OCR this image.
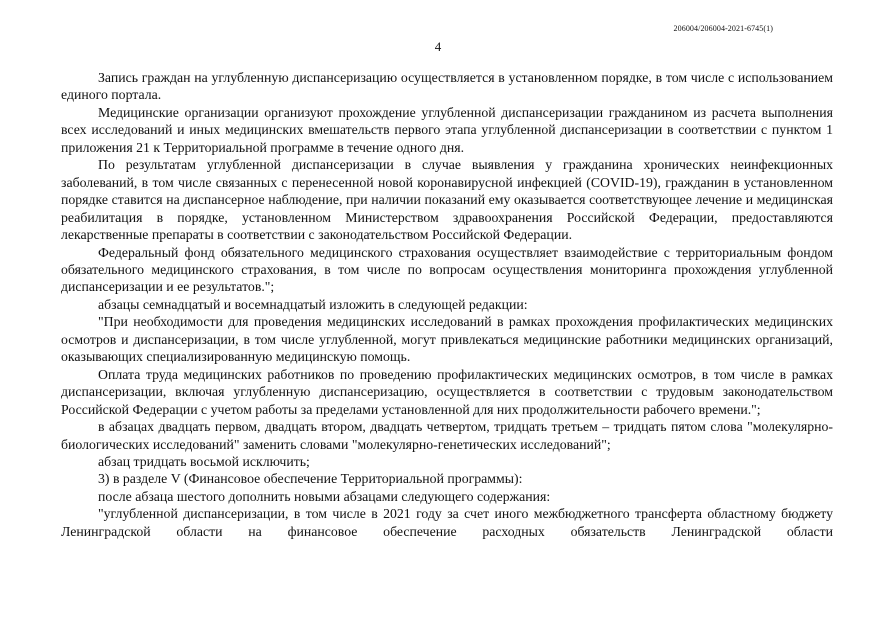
206004/206004-2021-6745(1)
4

Запись граждан на углубленную диспансеризацию осуществляется в установленном порядке, в том числе с использованием единого портала.

Медицинские организации организуют прохождение углубленной диспансеризации гражданином из расчета выполнения всех исследований и иных медицинских вмешательств первого этапа углубленной диспансеризации в соответствии с пунктом 1 приложения 21 к Территориальной программе в течение одного дня.

По результатам углубленной диспансеризации в случае выявления у гражданина хронических неинфекционных заболеваний, в том числе связанных с перенесенной новой коронавирусной инфекцией (COVID-19), гражданин в установленном порядке ставится на диспансерное наблюдение, при наличии показаний ему оказывается соответствующее лечение и медицинская реабилитация в порядке, установленном Министерством здравоохранения Российской Федерации, предоставляются лекарственные препараты в соответствии с законодательством Российской Федерации.

Федеральный фонд обязательного медицинского страхования осуществляет взаимодействие с территориальным фондом обязательного медицинского страхования, в том числе по вопросам осуществления мониторинга прохождения углубленной диспансеризации и ее результатов.";

абзацы семнадцатый и восемнадцатый изложить в следующей редакции:

"При необходимости для проведения медицинских исследований в рамках прохождения профилактических медицинских осмотров и диспансеризации, в том числе углубленной, могут привлекаться медицинские работники медицинских организаций, оказывающих специализированную медицинскую помощь.

Оплата труда медицинских работников по проведению профилактических медицинских осмотров, в том числе в рамках диспансеризации, включая углубленную диспансеризацию, осуществляется в соответствии с трудовым законодательством Российской Федерации с учетом работы за пределами установленной для них продолжительности рабочего времени.";

в абзацах двадцать первом, двадцать втором, двадцать четвертом, тридцать третьем – тридцать пятом слова "молекулярно-биологических исследований" заменить словами "молекулярно-генетических исследований";

абзац тридцать восьмой исключить;

3) в разделе V (Финансовое обеспечение Территориальной программы):

после абзаца шестого дополнить новыми абзацами следующего содержания:

"углубленной диспансеризации, в том числе в 2021 году за счет иного межбюджетного трансферта областному бюджету Ленинградской области на финансовое обеспечение расходных обязательств Ленинградской области
